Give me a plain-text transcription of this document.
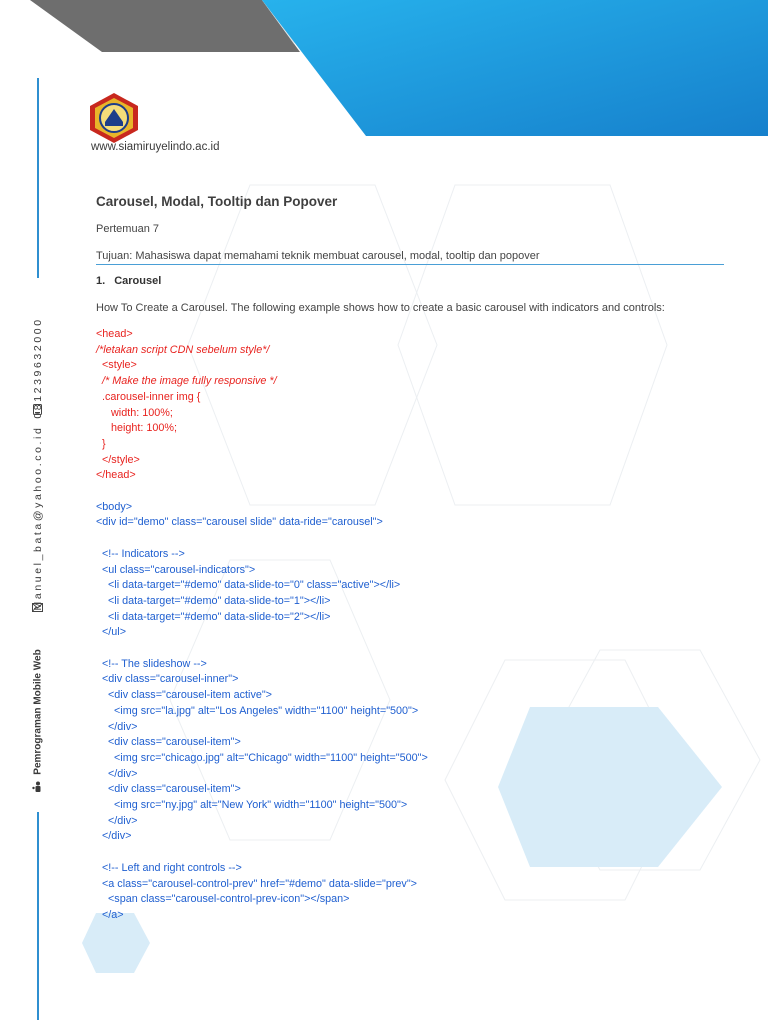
081239632000
Manuel_bata@yahoo.co.id
Pemrograman Mobile Web
www.siamiruyelindo.ac.id
Carousel, Modal, Tooltip dan Popover
Pertemuan 7
Tujuan: Mahasiswa dapat memahami teknik membuat carousel, modal, tooltip dan popover
1. Carousel
How To Create a Carousel. The following example shows how to create a basic carousel with indicators and controls:
<head>
/*letakan script CDN sebelum style*/
<style>
/* Make the image fully responsive */
.carousel-inner img {
width: 100%;
height: 100%;
}
</style>
</head>
<body>
<div id="demo" class="carousel slide" data-ride="carousel">
<!-- Indicators -->
<ul class="carousel-indicators">
<li data-target="#demo" data-slide-to="0" class="active"></li>
<li data-target="#demo" data-slide-to="1"></li>
<li data-target="#demo" data-slide-to="2"></li>
</ul>
<!-- The slideshow -->
<div class="carousel-inner">
<div class="carousel-item active">
<img src="la.jpg" alt="Los Angeles" width="1100" height="500">
</div>
<div class="carousel-item">
<img src="chicago.jpg" alt="Chicago" width="1100" height="500">
</div>
<div class="carousel-item">
<img src="ny.jpg" alt="New York" width="1100" height="500">
</div>
</div>
<!-- Left and right controls -->
<a class="carousel-control-prev" href="#demo" data-slide="prev">
<span class="carousel-control-prev-icon"></span>
</a>
